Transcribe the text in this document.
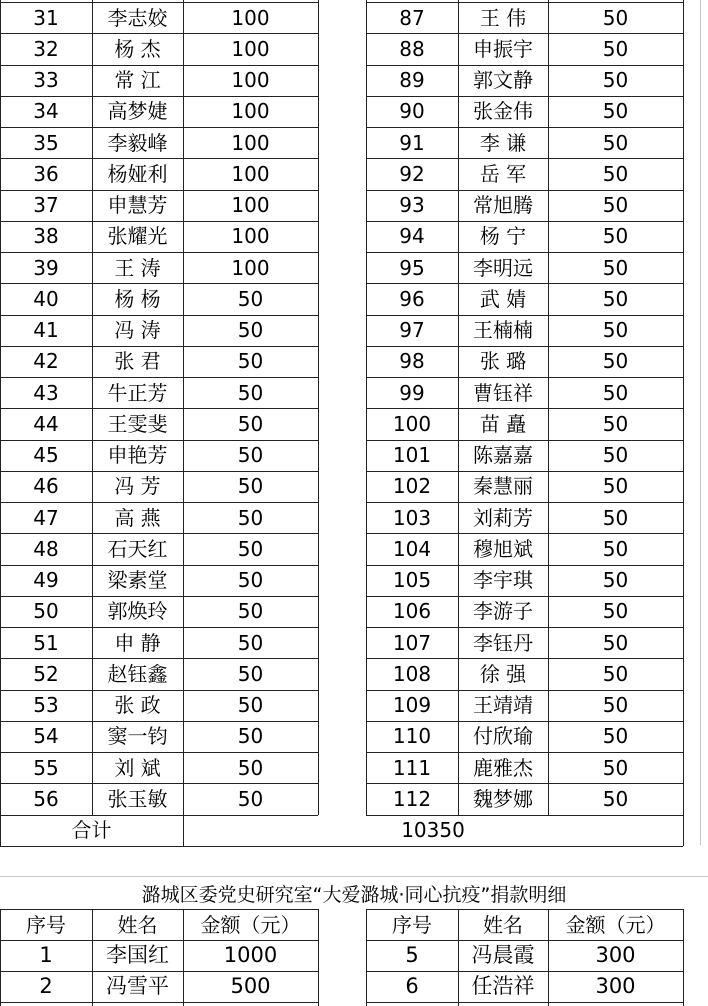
31	李志姣	100	87	王 伟	50
32	杨 杰	100	88	申振宇	50
33	常 江	100	89	郭文静	50
34	高梦婕	100	90	张金伟	50
35	李毅峰	100	91	李 谦	50
36	杨娅利	100	92	岳 军	50
37	申慧芳	100	93	常旭腾	50
38	张耀光	100	94	杨 宁	50
39	王 涛	100	95	李明远	50
40	杨 杨	50	96	武 婧	50
41	冯 涛	50	97	王楠楠	50
42	张 君	50	98	张 璐	50
43	牛正芳	50	99	曹钰祥	50
44	王雯斐	50	100	苗 矗	50
45	申艳芳	50	101	陈嘉嘉	50
46	冯 芳	50	102	秦慧丽	50
47	高 燕	50	103	刘莉芳	50
48	石天红	50	104	穆旭斌	50
49	梁素堂	50	105	李宇琪	50
50	郭焕玲	50	106	李游子	50
51	申 静	50	107	李钰丹	50
52	赵钰鑫	50	108	徐 强	50
53	张 政	50	109	王靖靖	50
54	窦一钧	50	110	付欣瑜	50
55	刘 斌	50	111	鹿雅杰	50
56	张玉敏	50	112	魏梦娜	50
合计	10350
潞城区委党史研究室“大爱潞城·同心抗疫”捐款明细
序号	姓名	金额（元）	序号	姓名	金额（元）
1	李国红	1000	5	冯晨霞	300
2	冯雪平	500	6	任浩祥	300
